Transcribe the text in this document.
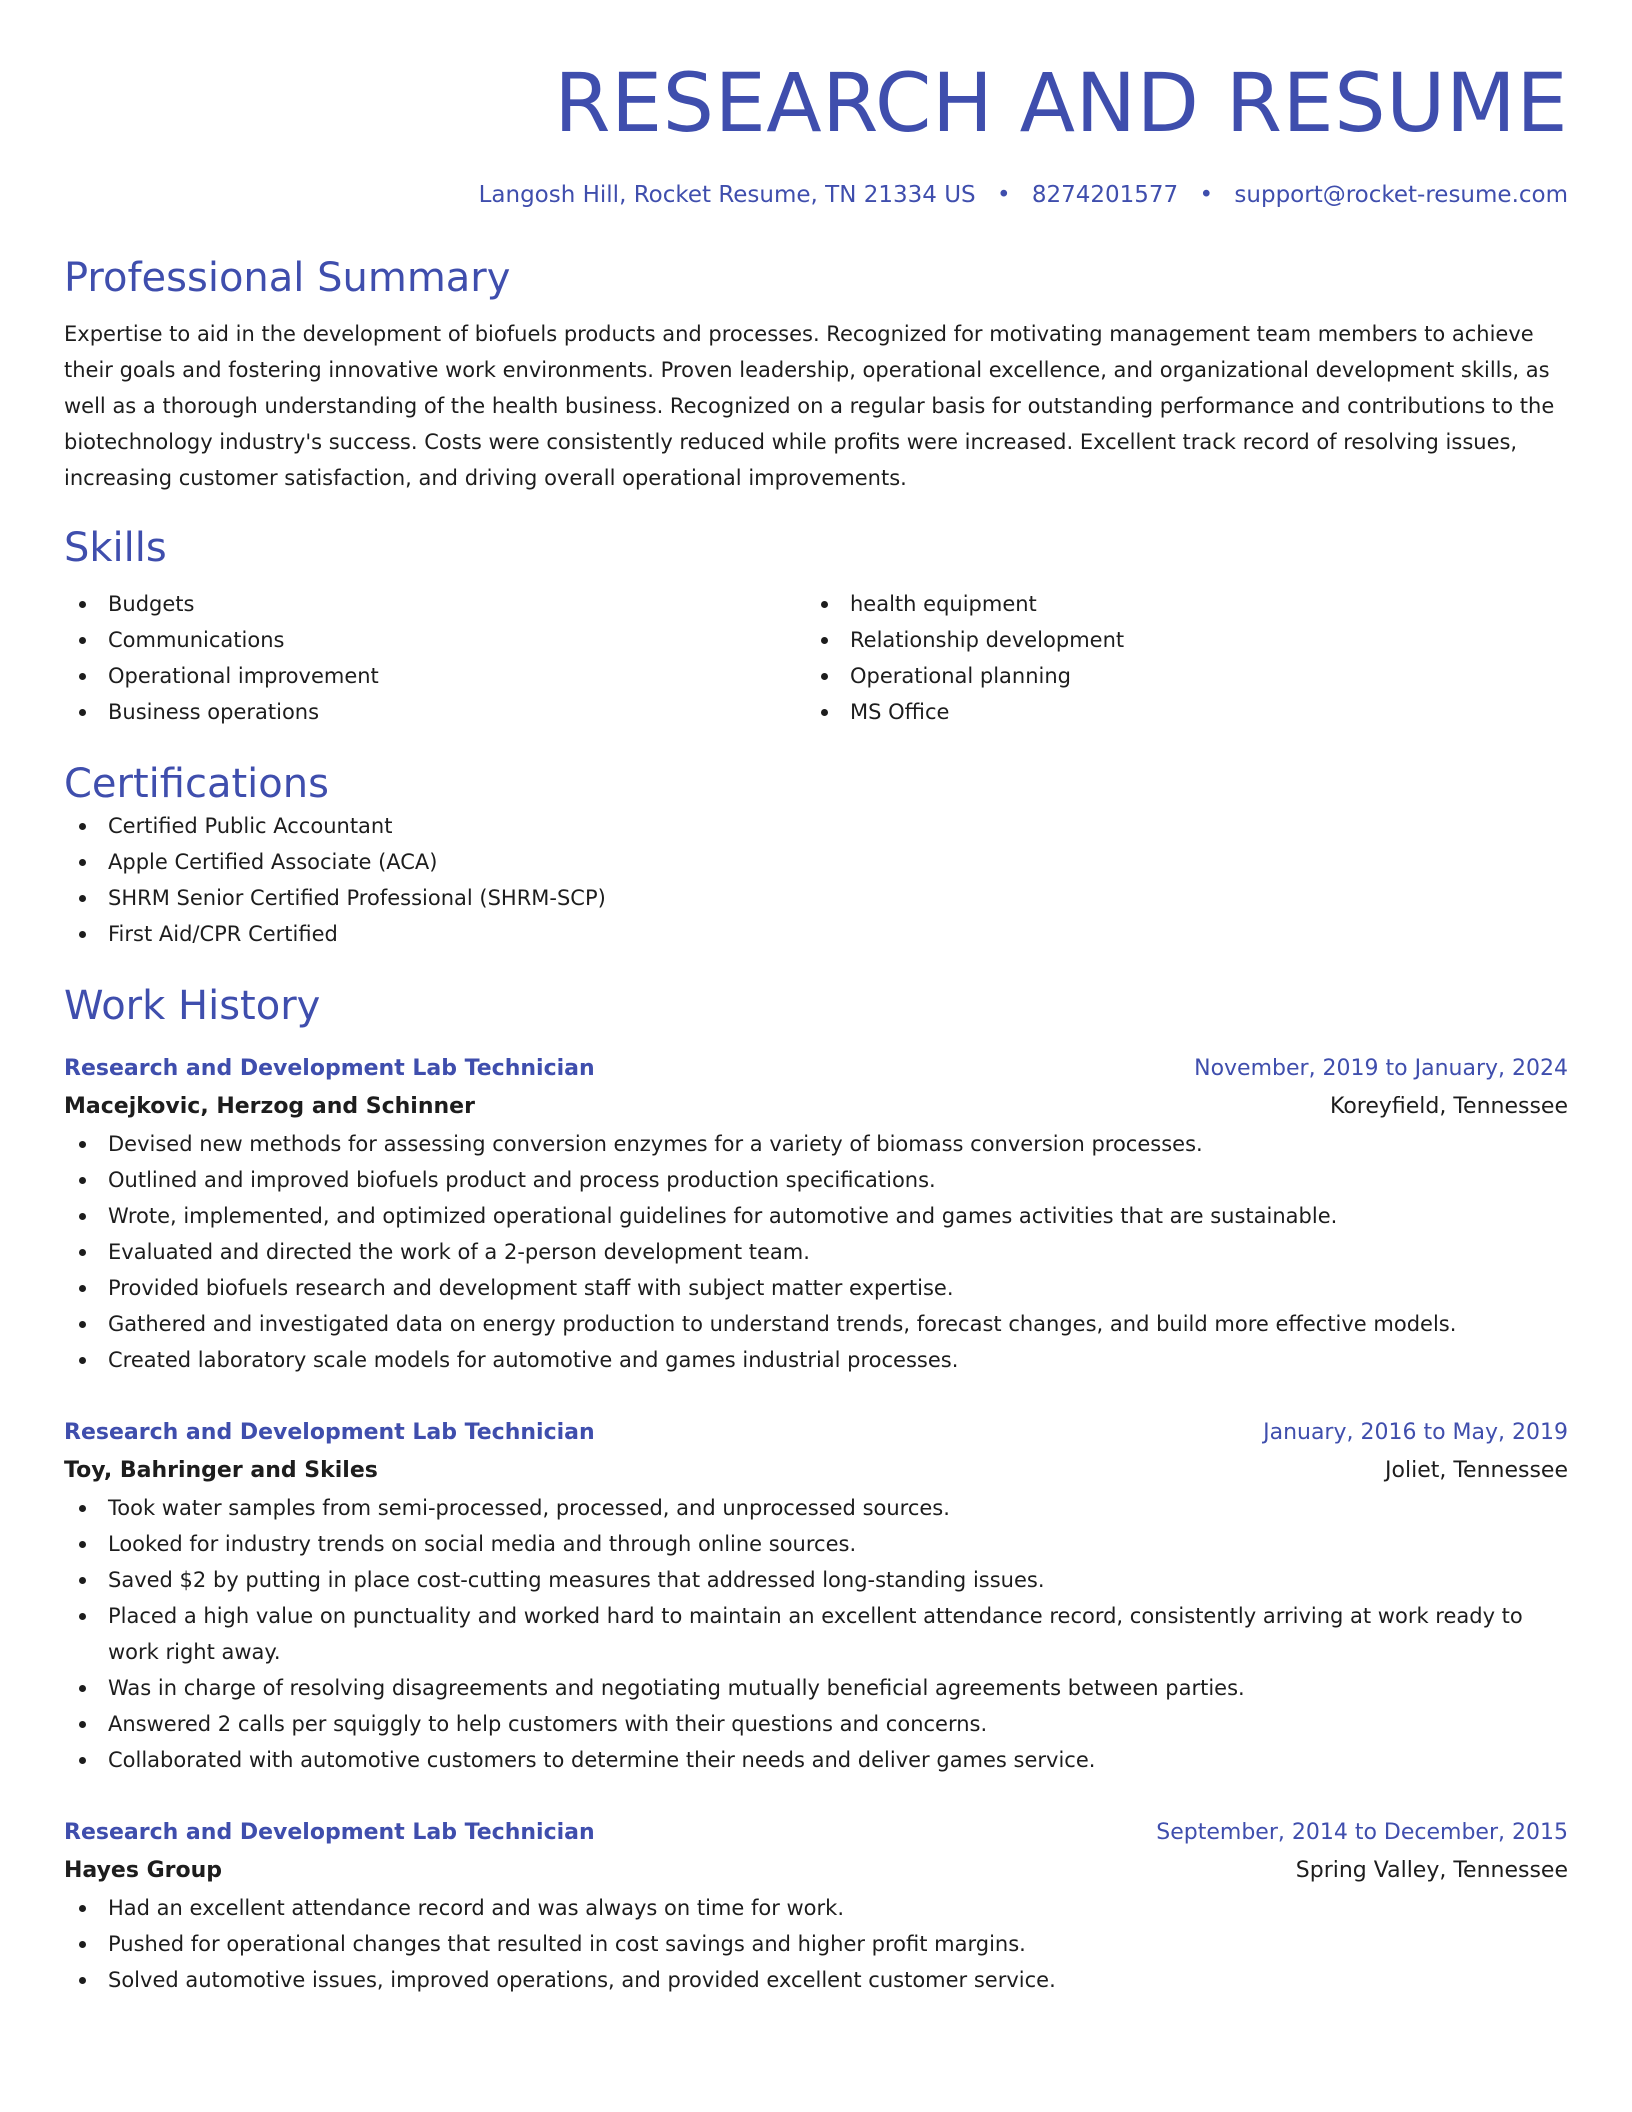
RESEARCH AND RESUME
Langosh Hill, Rocket Resume, TN 21334 US • 8274201577 • support@rocket-resume.com
Professional Summary

Expertise to aid in the development of biofuels products and processes. Recognized for motivating management team members to achieve their goals and fostering innovative work environments. Proven leadership, operational excellence, and organizational development skills, as well as a thorough understanding of the health business. Recognized on a regular basis for outstanding performance and contributions to the biotechnology industry's success. Costs were consistently reduced while profits were increased. Excellent track record of resolving issues, increasing customer satisfaction, and driving overall operational improvements.

Skills
Budgets
Communications
Operational improvement
Business operations
health equipment
Relationship development
Operational planning
MS Office
Certifications
Certified Public Accountant
Apple Certified Associate (ACA)
SHRM Senior Certified Professional (SHRM-SCP)
First Aid/CPR Certified
Work History
Research and Development Lab Technician	November, 2019 to January, 2024
Macejkovic, Herzog and Schinner	Koreyfield, Tennessee
Devised new methods for assessing conversion enzymes for a variety of biomass conversion processes.
Outlined and improved biofuels product and process production specifications.
Wrote, implemented, and optimized operational guidelines for automotive and games activities that are sustainable.
Evaluated and directed the work of a 2-person development team.
Provided biofuels research and development staff with subject matter expertise.
Gathered and investigated data on energy production to understand trends, forecast changes, and build more effective models.
Created laboratory scale models for automotive and games industrial processes.
Research and Development Lab Technician	January, 2016 to May, 2019
Toy, Bahringer and Skiles	Joliet, Tennessee
Took water samples from semi-processed, processed, and unprocessed sources.
Looked for industry trends on social media and through online sources.
Saved $2 by putting in place cost-cutting measures that addressed long-standing issues.
Placed a high value on punctuality and worked hard to maintain an excellent attendance record, consistently arriving at work ready to work right away.
Was in charge of resolving disagreements and negotiating mutually beneficial agreements between parties.
Answered 2 calls per squiggly to help customers with their questions and concerns.
Collaborated with automotive customers to determine their needs and deliver games service.
Research and Development Lab Technician	September, 2014 to December, 2015
Hayes Group	Spring Valley, Tennessee
Had an excellent attendance record and was always on time for work.
Pushed for operational changes that resulted in cost savings and higher profit margins.
Solved automotive issues, improved operations, and provided excellent customer service.
